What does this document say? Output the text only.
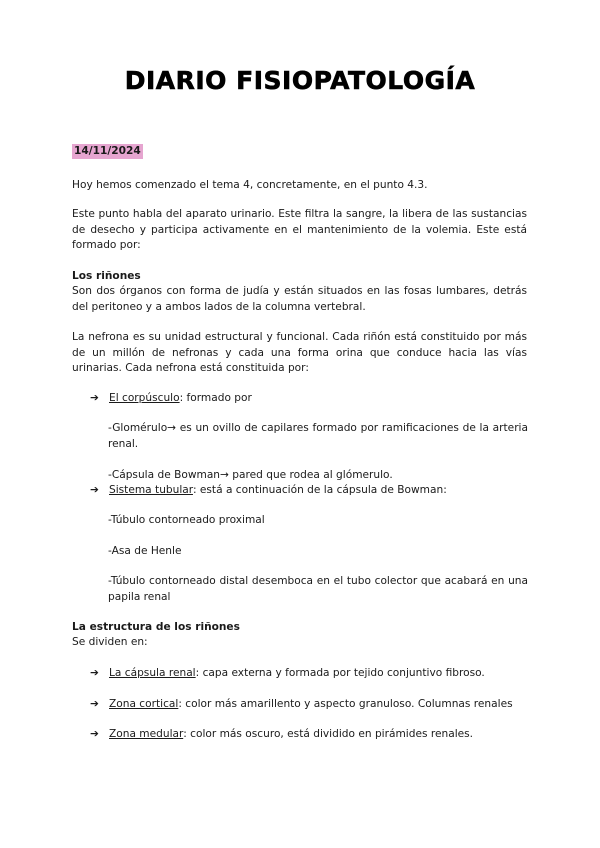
DIARIO FISIOPATOLOGÍA
14/11/2024
Hoy hemos comenzado el tema 4, concretamente, en el punto 4.3.
Este punto habla del aparato urinario. Este filtra la sangre, la libera de las sustancias de desecho y participa activamente en el mantenimiento de la volemia. Este está formado por:
Los riñones
Son dos órganos con forma de judía y están situados en las fosas lumbares, detrás del peritoneo y a ambos lados de la columna vertebral.
La nefrona es su unidad estructural y funcional. Cada riñón está constituido por más de un millón de nefronas y cada una forma orina que conduce hacia las vías urinarias. Cada nefrona está constituida por:
➔ El corpúsculo: formado por
-Glomérulo→ es un ovillo de capilares formado por ramificaciones de la arteria renal.
-Cápsula de Bowman→ pared que rodea al glómerulo.
➔ Sistema tubular: está a continuación de la cápsula de Bowman:
-Túbulo contorneado proximal
-Asa de Henle
-Túbulo contorneado distal desemboca en el tubo colector que acabará en una papila renal
La estructura de los riñones
Se dividen en:
➔ La cápsula renal: capa externa y formada por tejido conjuntivo fibroso.
➔ Zona cortical: color más amarillento y aspecto granuloso. Columnas renales
➔ Zona medular: color más oscuro, está dividido en pirámides renales.
